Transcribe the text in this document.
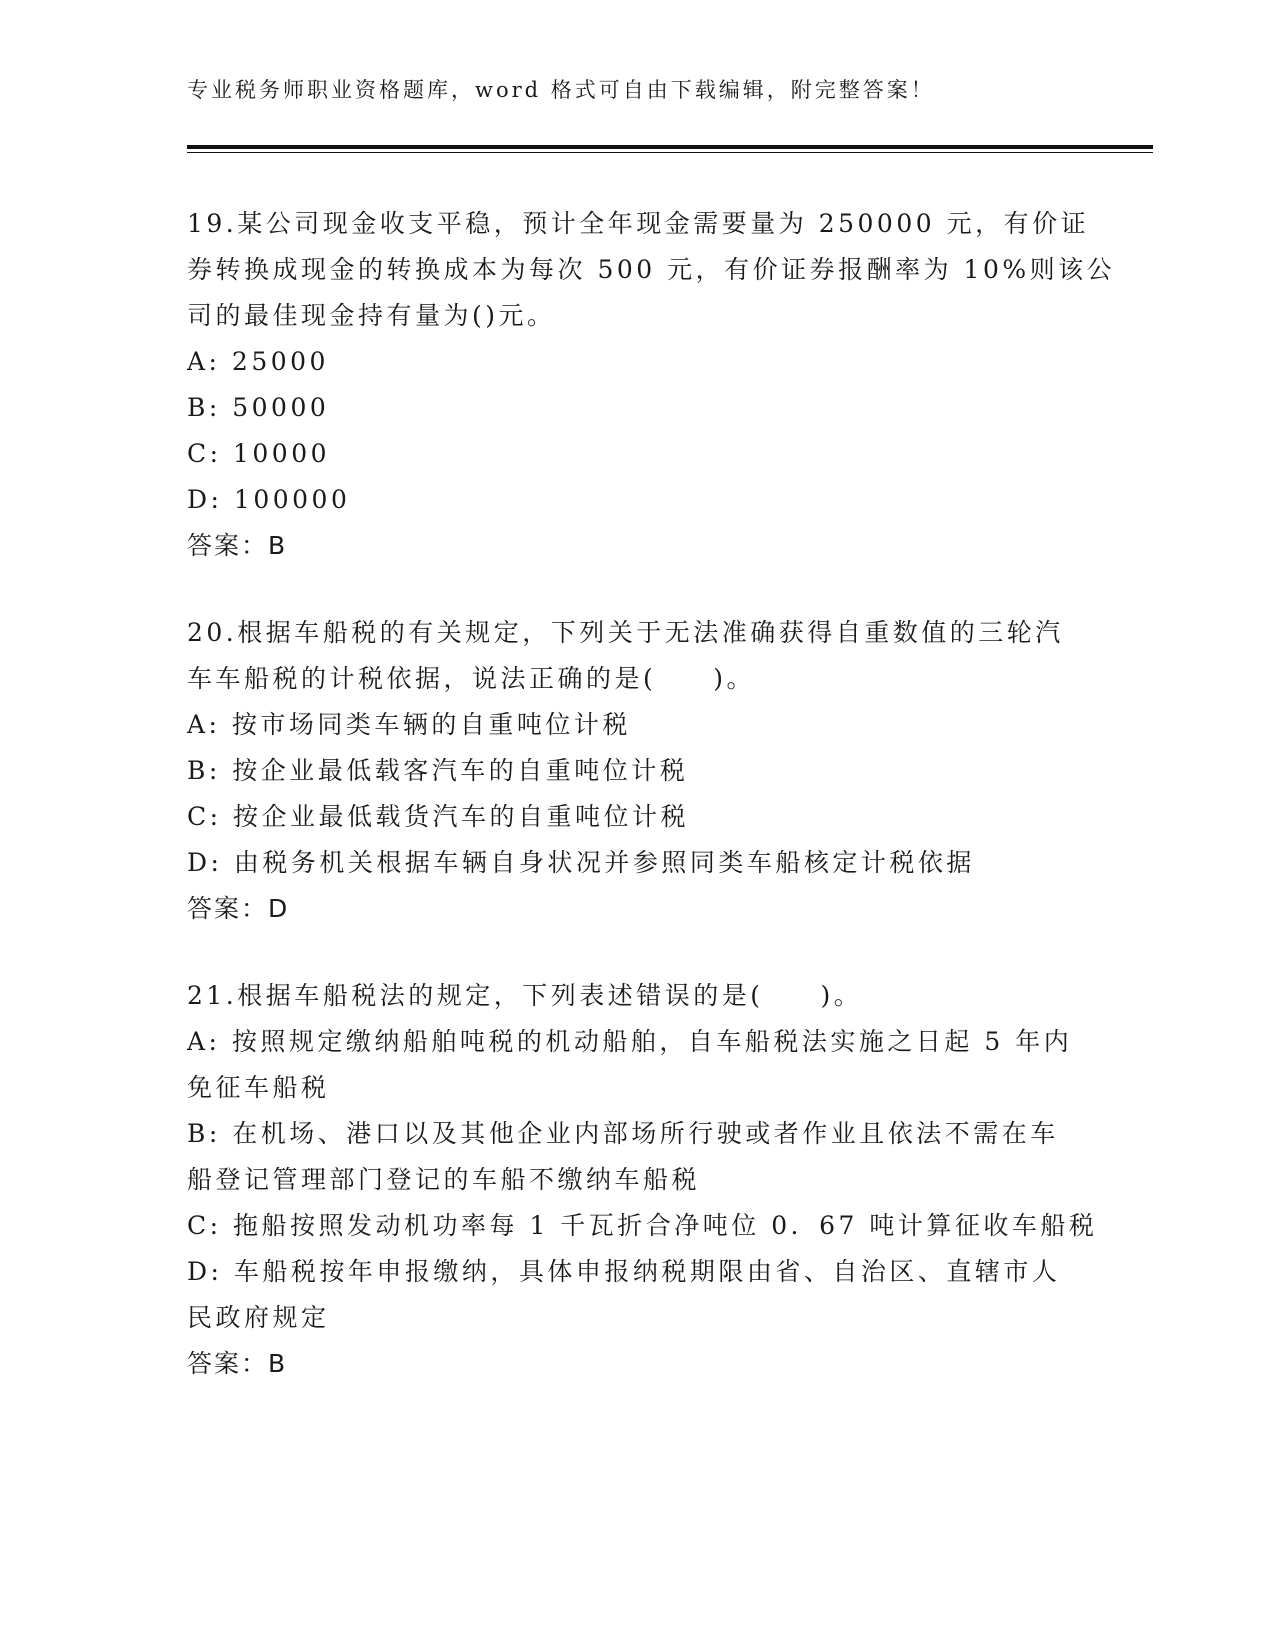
专业税务师职业资格题库，word 格式可自由下载编辑，附完整答案！
19.某公司现金收支平稳，预计全年现金需要量为 250000 元，有价证
券转换成现金的转换成本为每次 500 元，有价证券报酬率为 10%则该公
司的最佳现金持有量为()元。
A: 25000
B: 50000
C: 10000
D: 100000
答案：B
20.根据车船税的有关规定，下列关于无法准确获得自重数值的三轮汽
车车船税的计税依据，说法正确的是(　　)。
A: 按市场同类车辆的自重吨位计税
B: 按企业最低载客汽车的自重吨位计税
C: 按企业最低载货汽车的自重吨位计税
D: 由税务机关根据车辆自身状况并参照同类车船核定计税依据
答案：D
21.根据车船税法的规定，下列表述错误的是(　　)。
A: 按照规定缴纳船舶吨税的机动船舶，自车船税法实施之日起 5 年内
免征车船税
B: 在机场、港口以及其他企业内部场所行驶或者作业且依法不需在车
船登记管理部门登记的车船不缴纳车船税
C: 拖船按照发动机功率每 1 千瓦折合净吨位 0．67 吨计算征收车船税
D: 车船税按年申报缴纳，具体申报纳税期限由省、自治区、直辖市人
民政府规定
答案：B
